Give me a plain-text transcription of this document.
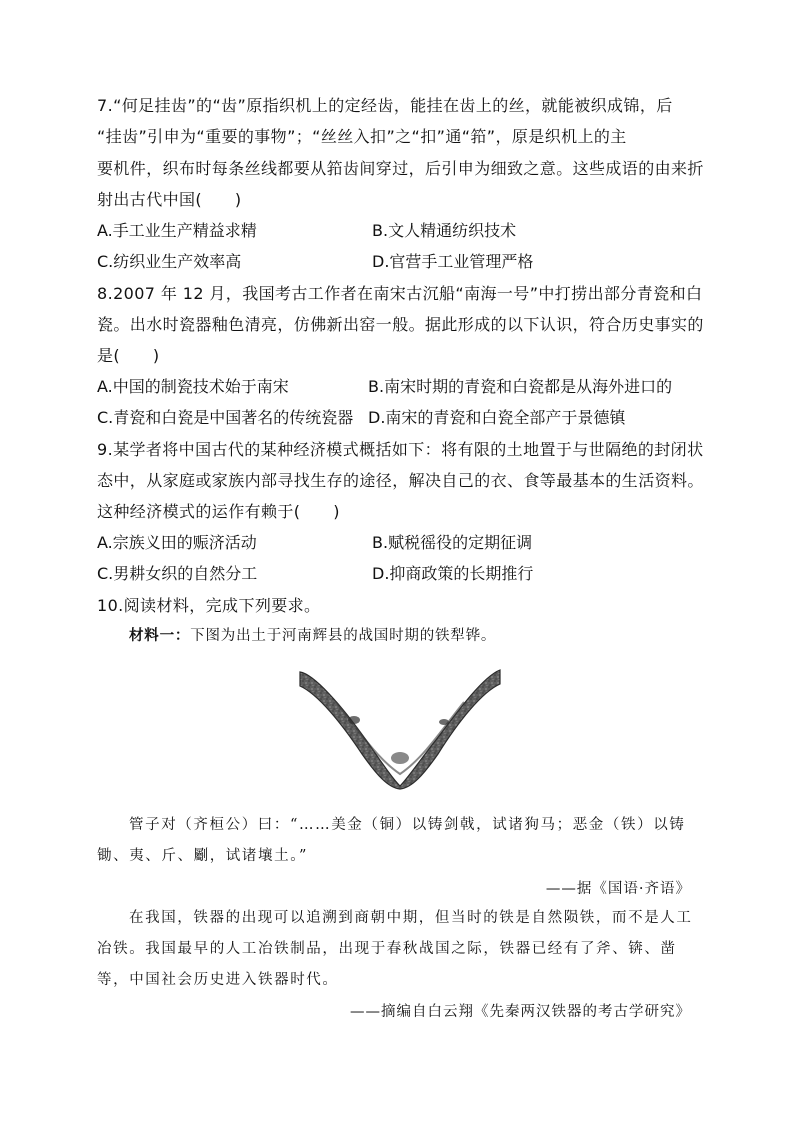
7.“何足挂齿”的“齿”原指织机上的定经齿，能挂在齿上的丝，就能被织成锦，后
“挂齿”引申为“重要的事物”；“丝丝入扣”之“扣”通“筘”，原是织机上的主
要机件，织布时每条丝线都要从筘齿间穿过，后引申为细致之意。这些成语的由来折
射出古代中国(　　)
A.手工业生产精益求精	B.文人精通纺织技术
C.纺织业生产效率高	D.官营手工业管理严格
8.2007 年 12 月，我国考古工作者在南宋古沉船“南海一号”中打捞出部分青瓷和白
瓷。出水时瓷器釉色清亮，仿佛新出窑一般。据此形成的以下认识，符合历史事实的
是(　　)
A.中国的制瓷技术始于南宋	B.南宋时期的青瓷和白瓷都是从海外进口的
C.青瓷和白瓷是中国著名的传统瓷器 D.南宋的青瓷和白瓷全部产于景德镇
9.某学者将中国古代的某种经济模式概括如下：将有限的土地置于与世隔绝的封闭状
态中，从家庭或家族内部寻找生存的途径，解决自己的衣、食等最基本的生活资料。
这种经济模式的运作有赖于(　　)
A.宗族义田的赈济活动	B.赋税徭役的定期征调
C.男耕女织的自然分工	D.抑商政策的长期推行
10.阅读材料，完成下列要求。
材料一：下图为出土于河南辉县的战国时期的铁犁铧。
管子对（齐桓公）曰：“……美金（铜）以铸剑戟，试诸狗马；恶金（铁）以铸
锄、夷、斤、劚，试诸壤土。”
——据《国语·齐语》
在我国，铁器的出现可以追溯到商朝中期，但当时的铁是自然陨铁，而不是人工
冶铁。我国最早的人工冶铁制品，出现于春秋战国之际，铁器已经有了斧、锛、凿
等，中国社会历史进入铁器时代。
——摘编自白云翔《先秦两汉铁器的考古学研究》
